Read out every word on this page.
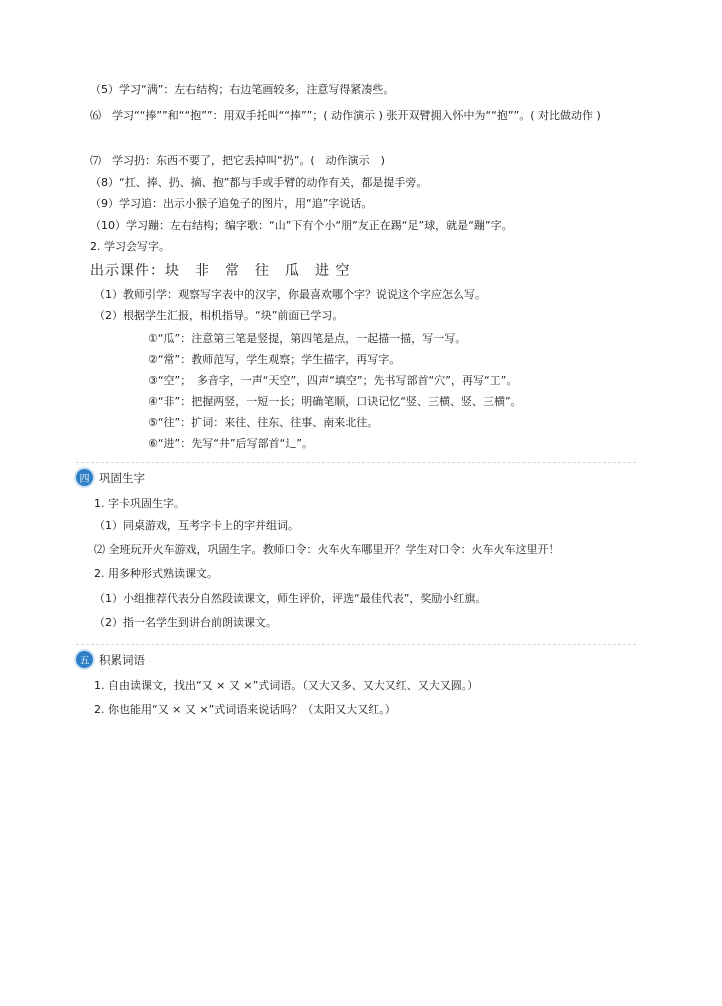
（5）学习“满”：左右结构；右边笔画较多，注意写得紧凑些。
⑹　学习““捧””和““抱””：用双手托叫““捧””；( 动作演示 ) 张开双臂拥入怀中为““抱””。( 对比做动作 )
⑺　学习扔：东西不要了，把它丢掉叫“扔”。(　动作演示　)
（8）“扛、捧、扔、摘、抱”都与手或手臂的动作有关，都是提手旁。
（9）学习追：出示小猴子追兔子的图片，用“追”字说话。
（10）学习蹦：左右结构；编字歌：“山”下有个小“朋”友正在踢“足”球，就是“蹦”字。
2. 学习会写字。
出示课件：块　非　常　往　瓜　进 空
（1）教师引学：观察写字表中的汉字，你最喜欢哪个字？说说这个字应怎么写。
（2）根据学生汇报，相机指导。“块”前面已学习。
①“瓜”：注意第三笔是竖提，第四笔是点，一起描一描，写一写。
②“常”：教师范写，学生观察；学生描字，再写字。
③“空”；　多音字，一声“天空”，四声“填空”；先书写部首“穴”，再写“工”。
④“非”：把握两竖，一短一长；明确笔顺，口诀记忆“竖、三横、竖、三横”。
⑤“往”：扩词：来往、往东、往事、南来北往。
⑥“进”：先写“井”后写部首“辶”。
四 巩固生字
1. 字卡巩固生字。
（1）同桌游戏，互考字卡上的字并组词。
⑵ 全班玩开火车游戏，巩固生字。教师口令：火车火车哪里开？学生对口令：火车火车这里开！
2. 用多种形式熟读课文。
（1）小组推荐代表分自然段读课文，师生评价，评选“最佳代表”，奖励小红旗。
（2）指一名学生到讲台前朗读课文。
五 积累词语
1. 自由读课文，找出“又 × 又 ×”式词语。（又大又多、又大又红、又大又圆。）
2. 你也能用“又 × 又 ×”式词语来说话吗？（太阳又大又红。）
